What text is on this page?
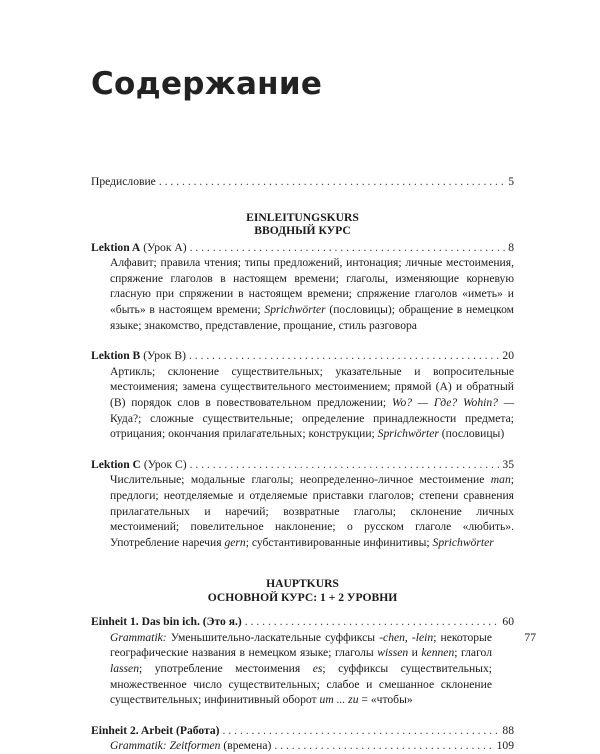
Содержание
Предисловие . . .	5
EINLEITUNGSKURS
ВВОДНЫЙ КУРС
Lektion A (Урок А) . . .	8

Алфавит; правила чтения; типы предложений, интонация; личные местоимения, спряжение глаголов в настоящем времени; глаголы, изменяющие корневую гласную при спряжении в настоящем времени; спряжение глаголов «иметь» и «быть» в настоящем времени; Sprichwörter (пословицы); обращение в немецком языке; знакомство, представление, прощание, стиль разговора

Lektion B (Урок B) . . .	20

Артикль; склонение существительных; указательные и вопросительные местоимения; замена существительного местоимением; прямой (A) и обратный (B) порядок слов в повествовательном предложении; Wo? — Где? Wohin? — Куда?; сложные существительные; определение принадлежности предмета; отрицания; окончания прилагательных; конструкции; Sprichwörter (пословицы)

Lektion C (Урок C) . . .	35

Числительные; модальные глаголы; неопределенно-личное местоимение man; предлоги; неотделяемые и отделяемые приставки глаголов; степени сравнения прилагательных и наречий; возвратные глаголы; склонение личных местоимений; повелительное наклонение; о русском глаголе «любить». Употребление наречия gern; субстантивированные инфинитивы; Sprichwörter

HAUPTKURS
ОСНОВНОЙ КУРС: 1 + 2 УРОВНИ
Einheit 1. Das bin ich. (Это я.) . . .	60
77

Grammatik: Уменьшительно-ласкательные суффиксы -chen, -lein; некоторые географические названия в немецком языке; глаголы wissen и kennen; глагол lassen; употребление местоимения es; суффиксы существительных; множественное число существительных; слабое и смешанное склонение существительных; инфинитивный оборот um ... zu = «чтобы»

Einheit 2. Arbeit (Работа) . . .	88
Grammatik: Zeitformen (времена) . . .	109
